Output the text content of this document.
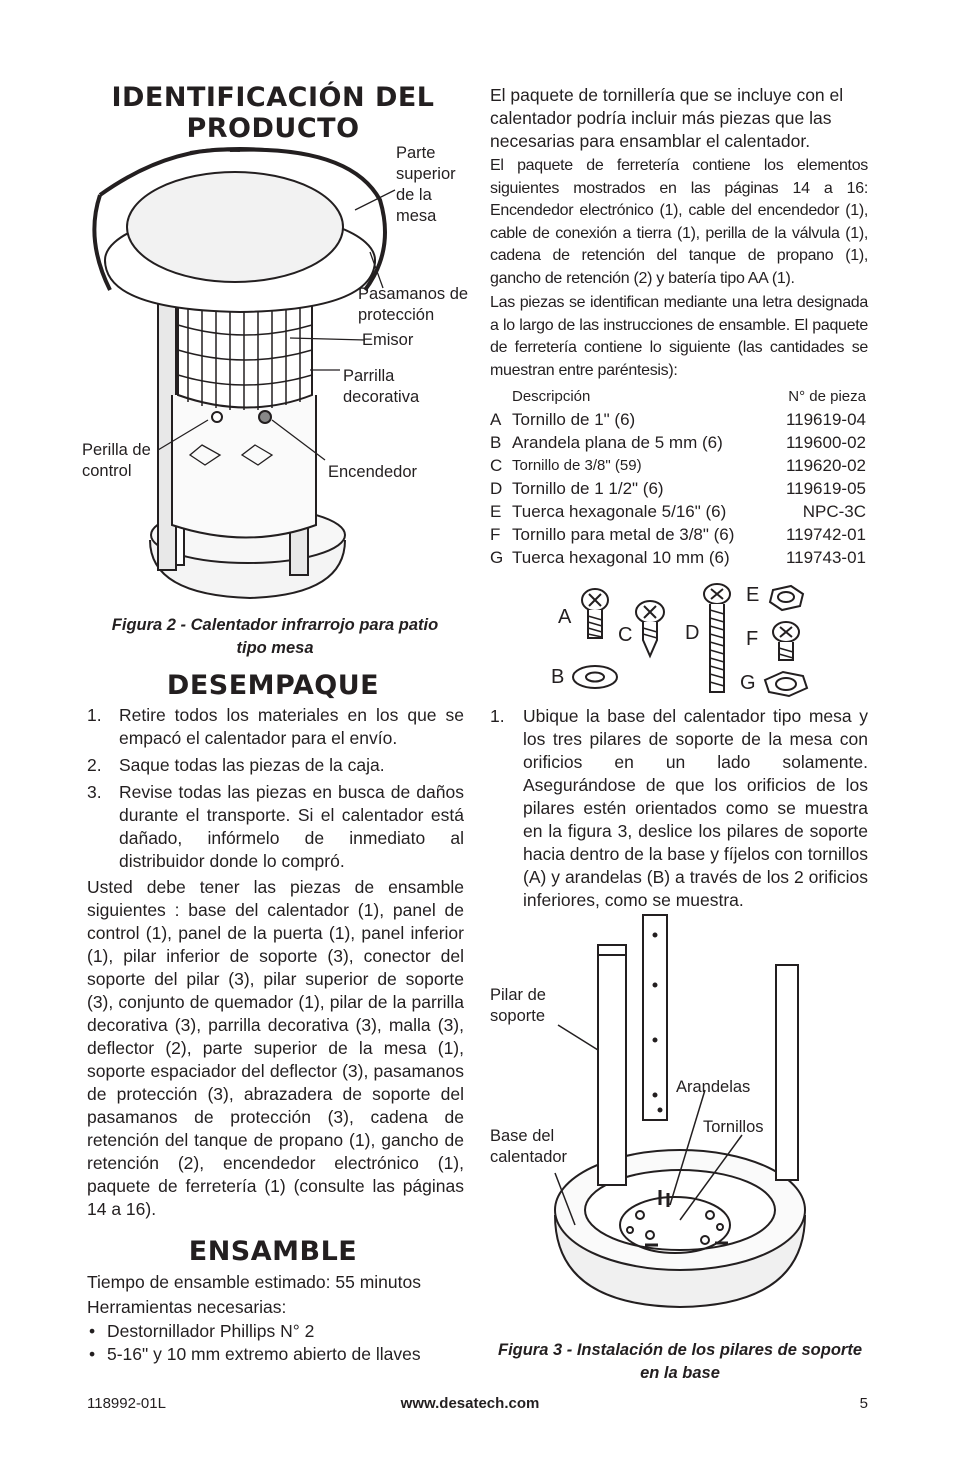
IDENTIFICACIÓN DEL
PRODUCTO
Parte superior de la mesa
Pasamanos de protección
Emisor
Parrilla decorativa
Perilla de control	Encendedor
Figura 2 - Calentador infrarrojo para patio tipo mesa
DESEMPAQUE
1. Retire todos los materiales en los que se empacó el calentador para el envío.
2. Saque todas las piezas de la caja.
3. Revise todas las piezas en busca de daños durante el transporte. Si el calentador está dañado, infórmelo de inmediato al distribuidor donde lo compró.

Usted debe tener las piezas de ensamble siguientes : base del calentador (1), panel de control (1), panel de la puerta (1), panel inferior (1), pilar inferior de soporte (3), conector del soporte del pilar (3), pilar superior de soporte (3), conjunto de quemador (1), pilar de la parrilla decorativa (3), parrilla decorativa (3), malla (3), deflector (2), parte superior de la mesa (1), soporte espaciador del deflector (3), pasamanos de protección (3), abrazadera de soporte del pasamanos de protección (3), cadena de retención del tanque de propano (1), gancho de retención (2), encendedor electrónico (1), paquete de ferretería (1) (consulte las páginas 14 a 16).

ENSAMBLE
Tiempo de ensamble estimado: 55 minutos
Herramientas necesarias:
• Destornillador Phillips N° 2
• 5-16" y 10 mm extremo abierto de llaves

El paquete de tornillería que se incluye con el calentador podría incluir más piezas que las necesarias para ensamblar el calentador.

El paquete de ferretería contiene los elementos siguientes mostrados en las páginas 14 a 16: Encendedor electrónico (1), cable del encendedor (1), cable de conexión a tierra (1), perilla de la válvula (1), cadena de retención del tanque de propano (1), gancho de retención (2) y batería tipo AA (1).

Las piezas se identifican mediante una letra designada a lo largo de las instrucciones de ensamble. El paquete de ferretería contiene lo siguiente (las cantidades se muestran entre paréntesis):

	Descripción	N° de pieza
A	Tornillo de 1" (6)	119619-04
B	Arandela plana de 5 mm (6)	119600-02
C	Tornillo de 3/8" (59)	119620-02
D	Tornillo de 1 1/2" (6)	119619-05
E	Tuerca hexagonale 5/16" (6)	NPC-3C
F	Tornillo para metal de 3/8" (6)	119742-01
G	Tuerca hexagonal 10 mm (6)	119743-01
A
B
C	D
E
F
G
1. Ubique la base del calentador tipo mesa y los tres pilares de soporte de la mesa con orificios en un lado solamente. Asegurándose de que los orificios de los pilares estén orientados como se muestra en la figura 3, deslice los pilares de soporte hacia dentro de la base y fíjelos con tornillos (A) y arandelas (B) a través de los 2 orificios inferiores, como se muestra.

Pilar de soporte
Arandelas
Tornillos
Base del calentador
Figura 3 - Instalación de los pilares de soporte en la base
118992-01L	www.desatech.com	5
